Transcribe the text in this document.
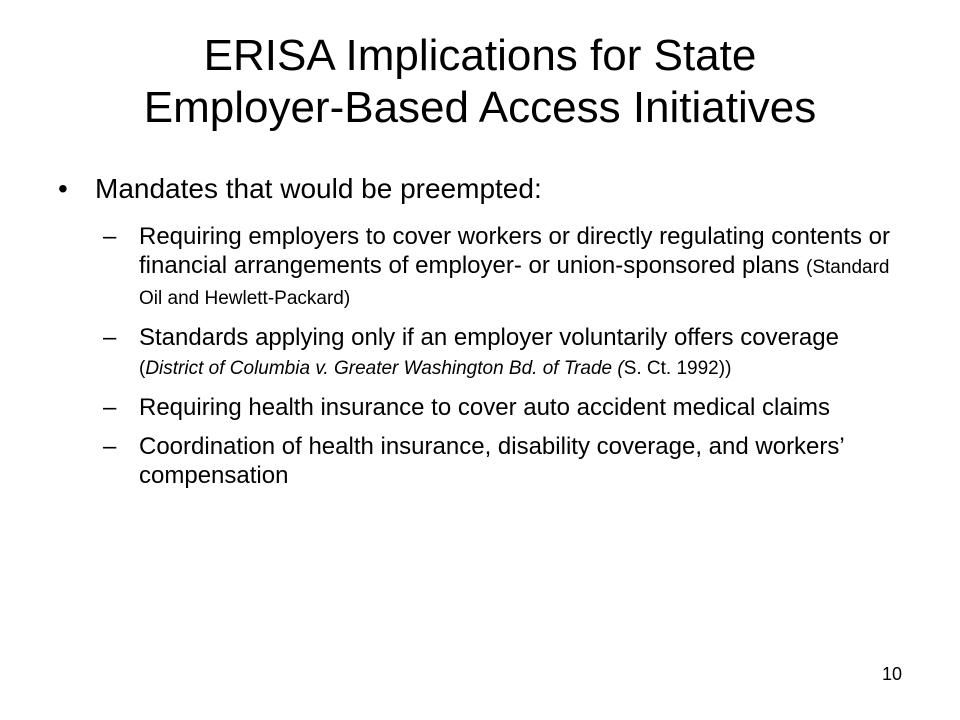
ERISA Implications for State
Employer-Based Access Initiatives
• Mandates that would be preempted:
– Requiring employers to cover workers or directly regulating contents or financial arrangements of employer- or union-sponsored plans (Standard Oil and Hewlett-Packard)
– Standards applying only if an employer voluntarily offers coverage (District of Columbia v. Greater Washington Bd. of Trade (S. Ct. 1992))
– Requiring health insurance to cover auto accident medical claims
– Coordination of health insurance, disability coverage, and workers’ compensation
10
